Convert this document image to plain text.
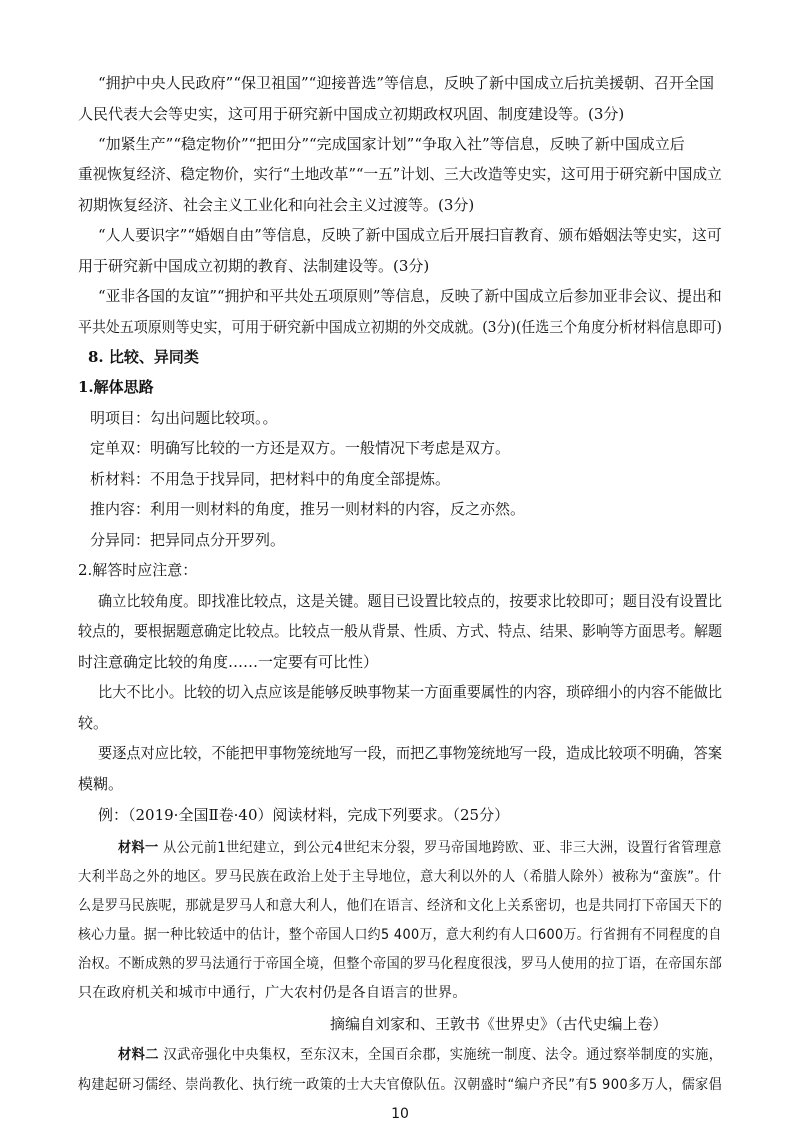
“拥护中央人民政府”“保卫祖国”“迎接普选”等信息，反映了新中国成立后抗美援朝、召开全国
人民代表大会等史实，这可用于研究新中国成立初期政权巩固、制度建设等。(3分)
“加紧生产”“稳定物价”“把田分”“完成国家计划”“争取入社”等信息，反映了新中国成立后
重视恢复经济、稳定物价，实行“土地改革”“一五”计划、三大改造等史实，这可用于研究新中国成立
初期恢复经济、社会主义工业化和向社会主义过渡等。(3分)
“人人要识字”“婚姻自由”等信息，反映了新中国成立后开展扫盲教育、颁布婚姻法等史实，这可
用于研究新中国成立初期的教育、法制建设等。(3分)
“亚非各国的友谊”“拥护和平共处五项原则”等信息，反映了新中国成立后参加亚非会议、提出和
平共处五项原则等史实，可用于研究新中国成立初期的外交成就。(3分)(任选三个角度分析材料信息即可)
8. 比较、异同类
1.解体思路
明项目：勾出问题比较项。。
定单双：明确写比较的一方还是双方。一般情况下考虑是双方。
析材料：不用急于找异同，把材料中的角度全部提炼。
推内容：利用一则材料的角度，推另一则材料的内容，反之亦然。
分异同：把异同点分开罗列。
2.解答时应注意：
确立比较角度。即找准比较点，这是关键。题目已设置比较点的，按要求比较即可；题目没有设置比
较点的，要根据题意确定比较点。比较点一般从背景、性质、方式、特点、结果、影响等方面思考。解题
时注意确定比较的角度……一定要有可比性）
比大不比小。比较的切入点应该是能够反映事物某一方面重要属性的内容，琐碎细小的内容不能做比
较。
要逐点对应比较，不能把甲事物笼统地写一段，而把乙事物笼统地写一段，造成比较项不明确，答案
模糊。
例：（2019·全国Ⅱ卷·40）阅读材料，完成下列要求。（25分）
材料一 从公元前1世纪建立，到公元4世纪末分裂，罗马帝国地跨欧、亚、非三大洲，设置行省管理意
大利半岛之外的地区。罗马民族在政治上处于主导地位，意大利以外的人（希腊人除外）被称为“蛮族”。什
么是罗马民族呢，那就是罗马人和意大利人，他们在语言、经济和文化上关系密切，也是共同打下帝国天下的
核心力量。据一种比较适中的估计，整个帝国人口约5 400万，意大利约有人口600万。行省拥有不同程度的自
治权。不断成熟的罗马法通行于帝国全境，但整个帝国的罗马化程度很浅，罗马人使用的拉丁语，在帝国东部
只在政府机关和城市中通行，广大农村仍是各自语言的世界。
摘编自刘家和、王敦书《世界史》（古代史编上卷）
材料二 汉武帝强化中央集权，至东汉末，全国百余郡，实施统一制度、法令。通过察举制度的实施，
构建起研习儒经、崇尚教化、执行统一政策的士大夫官僚队伍。汉朝盛时“编户齐民”有5 900多万人，儒家倡
10
